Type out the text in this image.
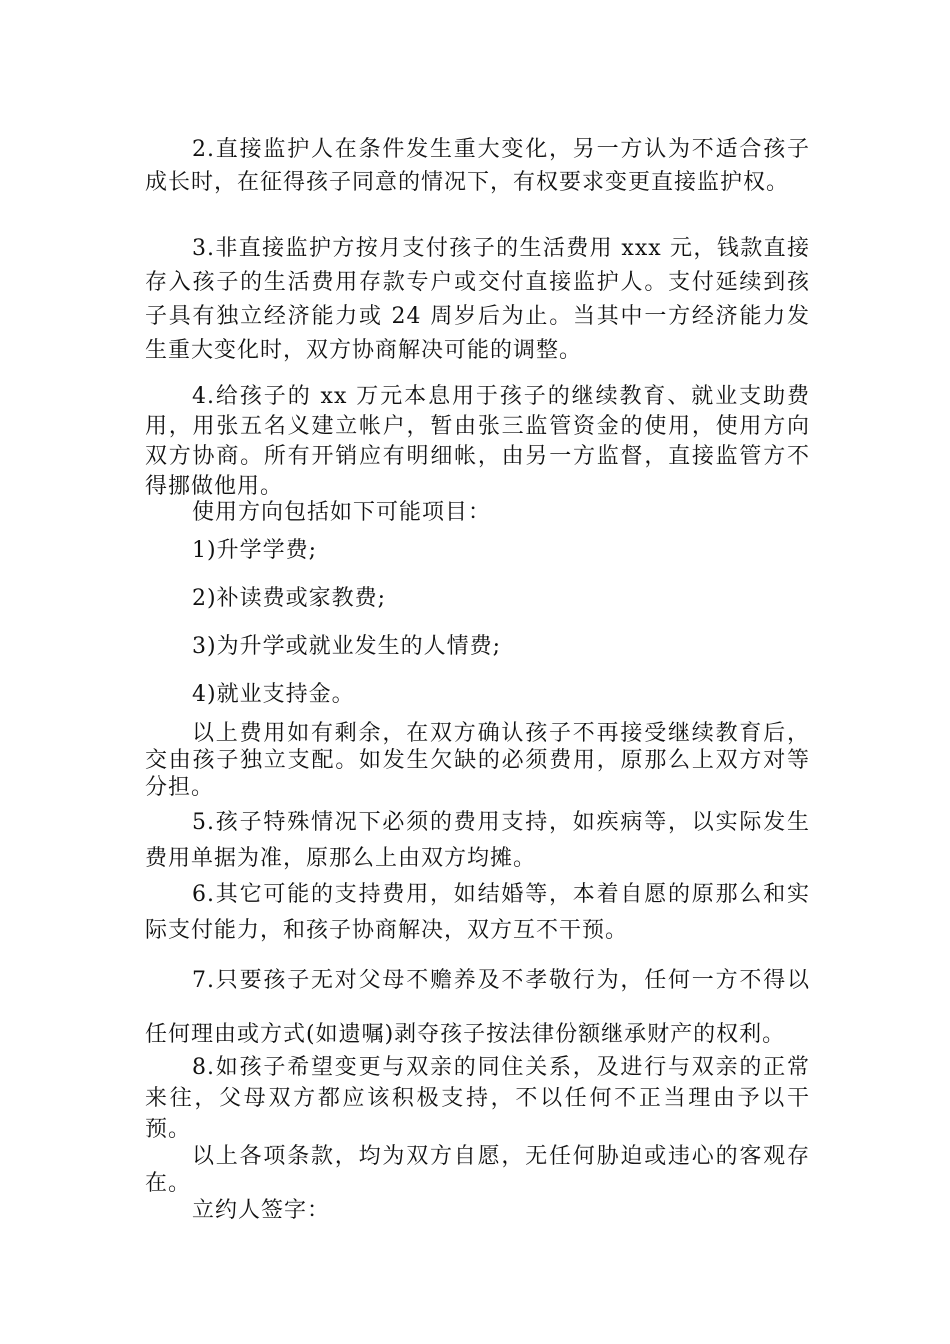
2.直接监护人在条件发生重大变化，另一方认为不适合孩子成长时，在征得孩子同意的情况下，有权要求变更直接监护权。

3.非直接监护方按月支付孩子的生活费用 xxx 元，钱款直接存入孩子的生活费用存款专户或交付直接监护人。支付延续到孩子具有独立经济能力或 24 周岁后为止。当其中一方经济能力发生重大变化时，双方协商解决可能的调整。

4.给孩子的 xx 万元本息用于孩子的继续教育、就业支助费用，用张五名义建立帐户，暂由张三监管资金的使用，使用方向双方协商。所有开销应有明细帐，由另一方监督，直接监管方不得挪做他用。

使用方向包括如下可能项目：

1)升学学费;

2)补读费或家教费;

3)为升学或就业发生的人情费;

4)就业支持金。

以上费用如有剩余，在双方确认孩子不再接受继续教育后，交由孩子独立支配。如发生欠缺的必须费用，原那么上双方对等分担。

5.孩子特殊情况下必须的费用支持，如疾病等，以实际发生费用单据为准，原那么上由双方均摊。

6.其它可能的支持费用，如结婚等，本着自愿的原那么和实际支付能力，和孩子协商解决，双方互不干预。

7.只要孩子无对父母不赡养及不孝敬行为，任何一方不得以任何理由或方式(如遗嘱)剥夺孩子按法律份额继承财产的权利。

8.如孩子希望变更与双亲的同住关系，及进行与双亲的正常来往，父母双方都应该积极支持，不以任何不正当理由予以干预。

以上各项条款，均为双方自愿，无任何胁迫或违心的客观存在。

立约人签字：
